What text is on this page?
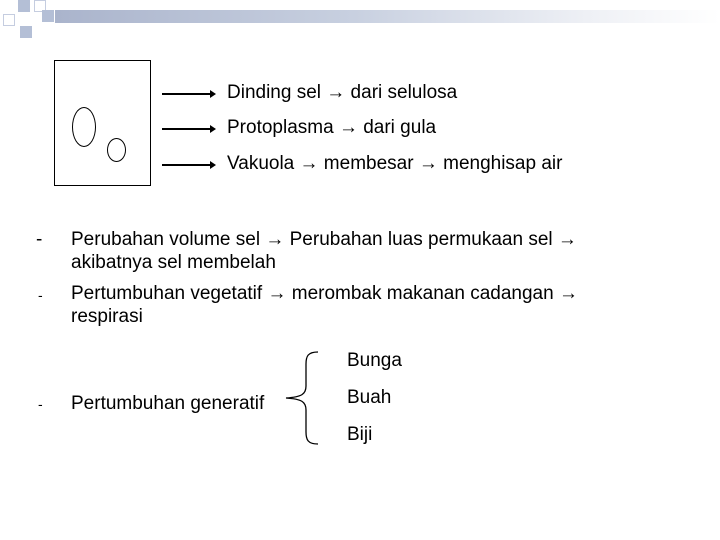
Dinding sel → dari selulosa
Protoplasma → dari gula
Vakuola → membesar → menghisap air
- Perubahan volume sel → Perubahan luas permukaan sel →
akibatnya sel membelah
- Pertumbuhan vegetatif → merombak makanan cadangan →
respirasi
- Pertumbuhan generatif
Bunga
Buah
Biji
